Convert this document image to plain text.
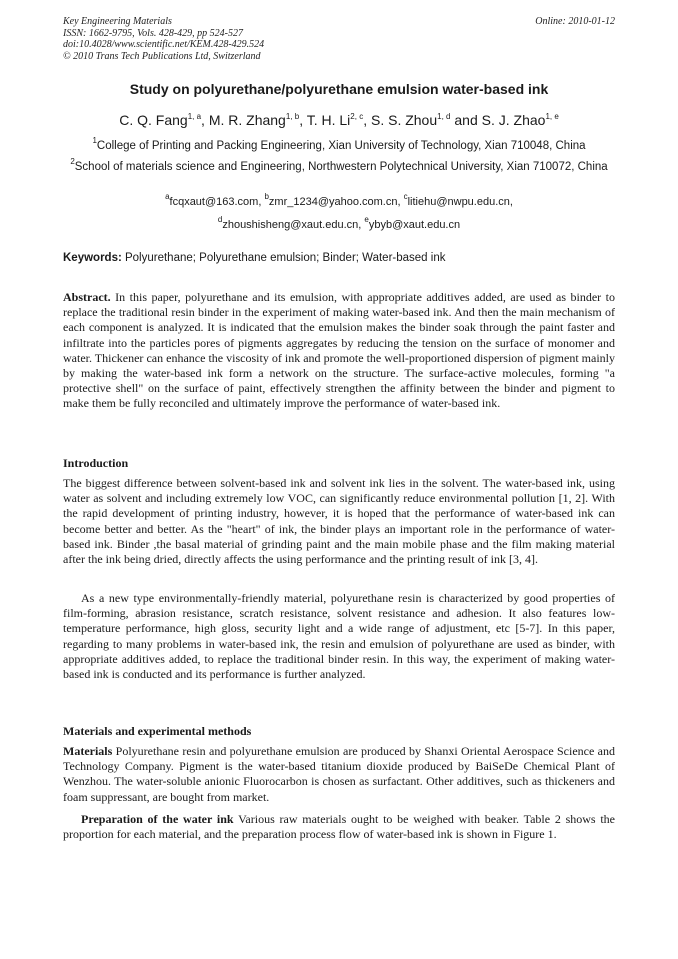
Key Engineering Materials
ISSN: 1662-9795, Vols. 428-429, pp 524-527
doi:10.4028/www.scientific.net/KEM.428-429.524
© 2010 Trans Tech Publications Ltd, Switzerland
Online: 2010-01-12
Study on polyurethane/polyurethane emulsion water-based ink
C. Q. Fang$^{1, a}$, M. R. Zhang$^{1, b}$, T. H. Li$^{2, c}$, S. S. Zhou$^{1, d}$ and S. J. Zhao$^{1, e}$
$^1$College of Printing and Packing Engineering, Xian University of Technology, Xian 710048, China
$^2$School of materials science and Engineering, Northwestern Polytechnical University, Xian 710072, China
$^a$fcqxaut@163.com, $^b$zmr_1234@yahoo.com.cn, $^c$litiehu@nwpu.edu.cn,
$^d$zhoushisheng@xaut.edu.cn, $^e$ybyb@xaut.edu.cn
Keywords: Polyurethane; Polyurethane emulsion; Binder; Water-based ink
Abstract. In this paper, polyurethane and its emulsion, with appropriate additives added, are used as binder to replace the traditional resin binder in the experiment of making water-based ink. And then the main mechanism of each component is analyzed. It is indicated that the emulsion makes the binder soak through the paint faster and infiltrate into the particles pores of pigments aggregates by reducing the tension on the surface of monomer and water. Thickener can enhance the viscosity of ink and promote the well-proportioned dispersion of pigment mainly by making the water-based ink form a network on the structure. The surface-active molecules, forming "a protective shell" on the surface of paint, effectively strengthen the affinity between the binder and pigment to make them be fully reconciled and ultimately improve the performance of water-based ink.
Introduction
The biggest difference between solvent-based ink and solvent ink lies in the solvent. The water-based ink, using water as solvent and including extremely low VOC, can significantly reduce environmental pollution [1, 2]. With the rapid development of printing industry, however, it is hoped that the performance of water-based ink can become better and better. As the "heart" of ink, the binder plays an important role in the performance of water-based ink. Binder ,the basal material of grinding paint and the main mobile phase and the film making material after the ink being dried, directly affects the using performance and the printing result of ink [3, 4].
As a new type environmentally-friendly material, polyurethane resin is characterized by good properties of film-forming, abrasion resistance, scratch resistance, solvent resistance and adhesion. It also features low-temperature performance, high gloss, security light and a wide range of adjustment, etc [5-7]. In this paper, regarding to many problems in water-based ink, the resin and emulsion of polyurethane are used as binder, with appropriate additives added, to replace the traditional binder resin. In this way, the experiment of making water-based ink is conducted and its performance is further analyzed.
Materials and experimental methods
Materials Polyurethane resin and polyurethane emulsion are produced by Shanxi Oriental Aerospace Science and Technology Company. Pigment is the water-based titanium dioxide produced by BaiSeDe Chemical Plant of Wenzhou. The water-soluble anionic Fluorocarbon is chosen as surfactant. Other additives, such as thickeners and foam suppressant, are bought from market.
Preparation of the water ink Various raw materials ought to be weighed with beaker. Table 2 shows the proportion for each material, and the preparation process flow of water-based ink is shown in Figure 1.
